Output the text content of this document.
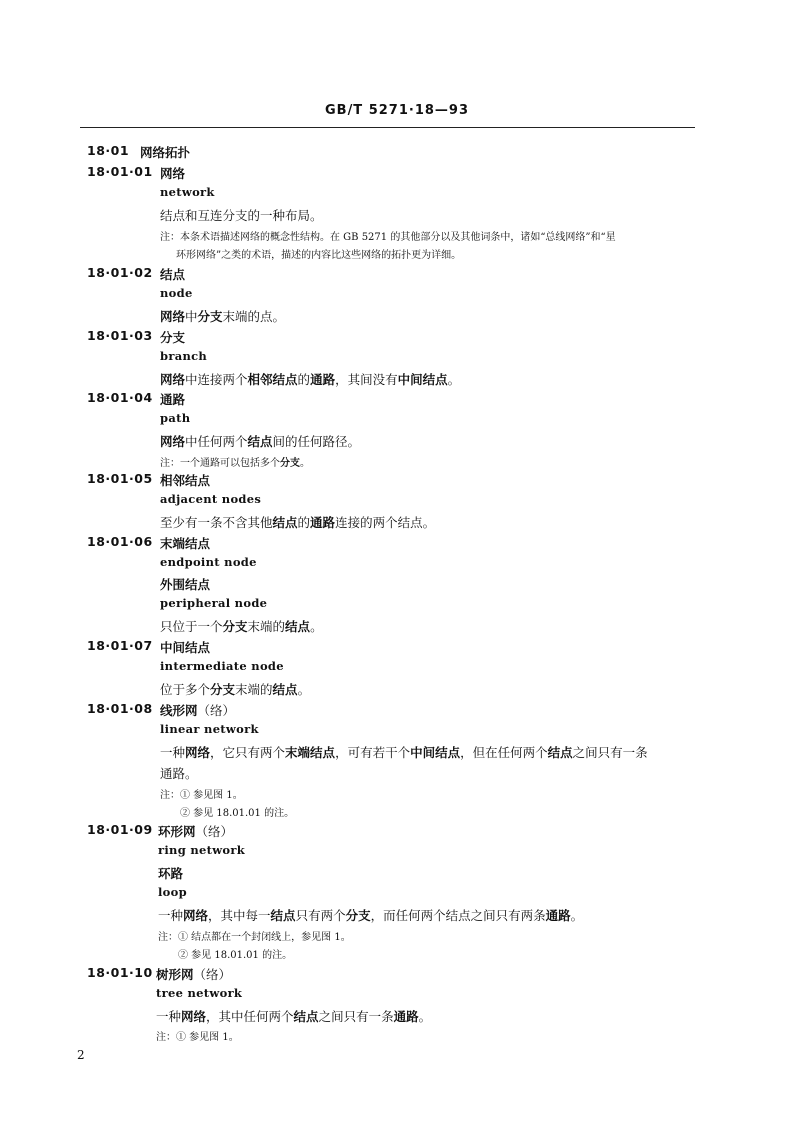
GB/T 5271·18—93
18·01 网络拓扑
18·01·01 网络
network
结点和互连分支的一种布局。
注：本条术语描述网络的概念性结构。在 GB 5271 的其他部分以及其他词条中，诸如“总线网络”和“星
环形网络”之类的术语，描述的内容比这些网络的拓扑更为详细。
18·01·02 结点
node
网络中分支末端的点。
18·01·03 分支
branch
网络中连接两个相邻结点的通路，其间没有中间结点。
18·01·04 通路
path
网络中任何两个结点间的任何路径。
注：一个通路可以包括多个分支。
18·01·05 相邻结点
adjacent nodes
至少有一条不含其他结点的通路连接的两个结点。
18·01·06 末端结点
endpoint node
外围结点
peripheral node
只位于一个分支末端的结点。
18·01·07 中间结点
intermediate node
位于多个分支末端的结点。
18·01·08 线形网（络）
linear network
一种网络，它只有两个末端结点，可有若干个中间结点，但在任何两个结点之间只有一条
通路。
注：① 参见图 1。
② 参见 18.01.01 的注。
18·01·09 环形网（络）
ring network
环路
loop
一种网络，其中每一结点只有两个分支，而任何两个结点之间只有两条通路。
注：① 结点都在一个封闭线上，参见图 1。
② 参见 18.01.01 的注。
18·01·10 树形网（络）
tree network
一种网络，其中任何两个结点之间只有一条通路。
注：① 参见图 1。
2
